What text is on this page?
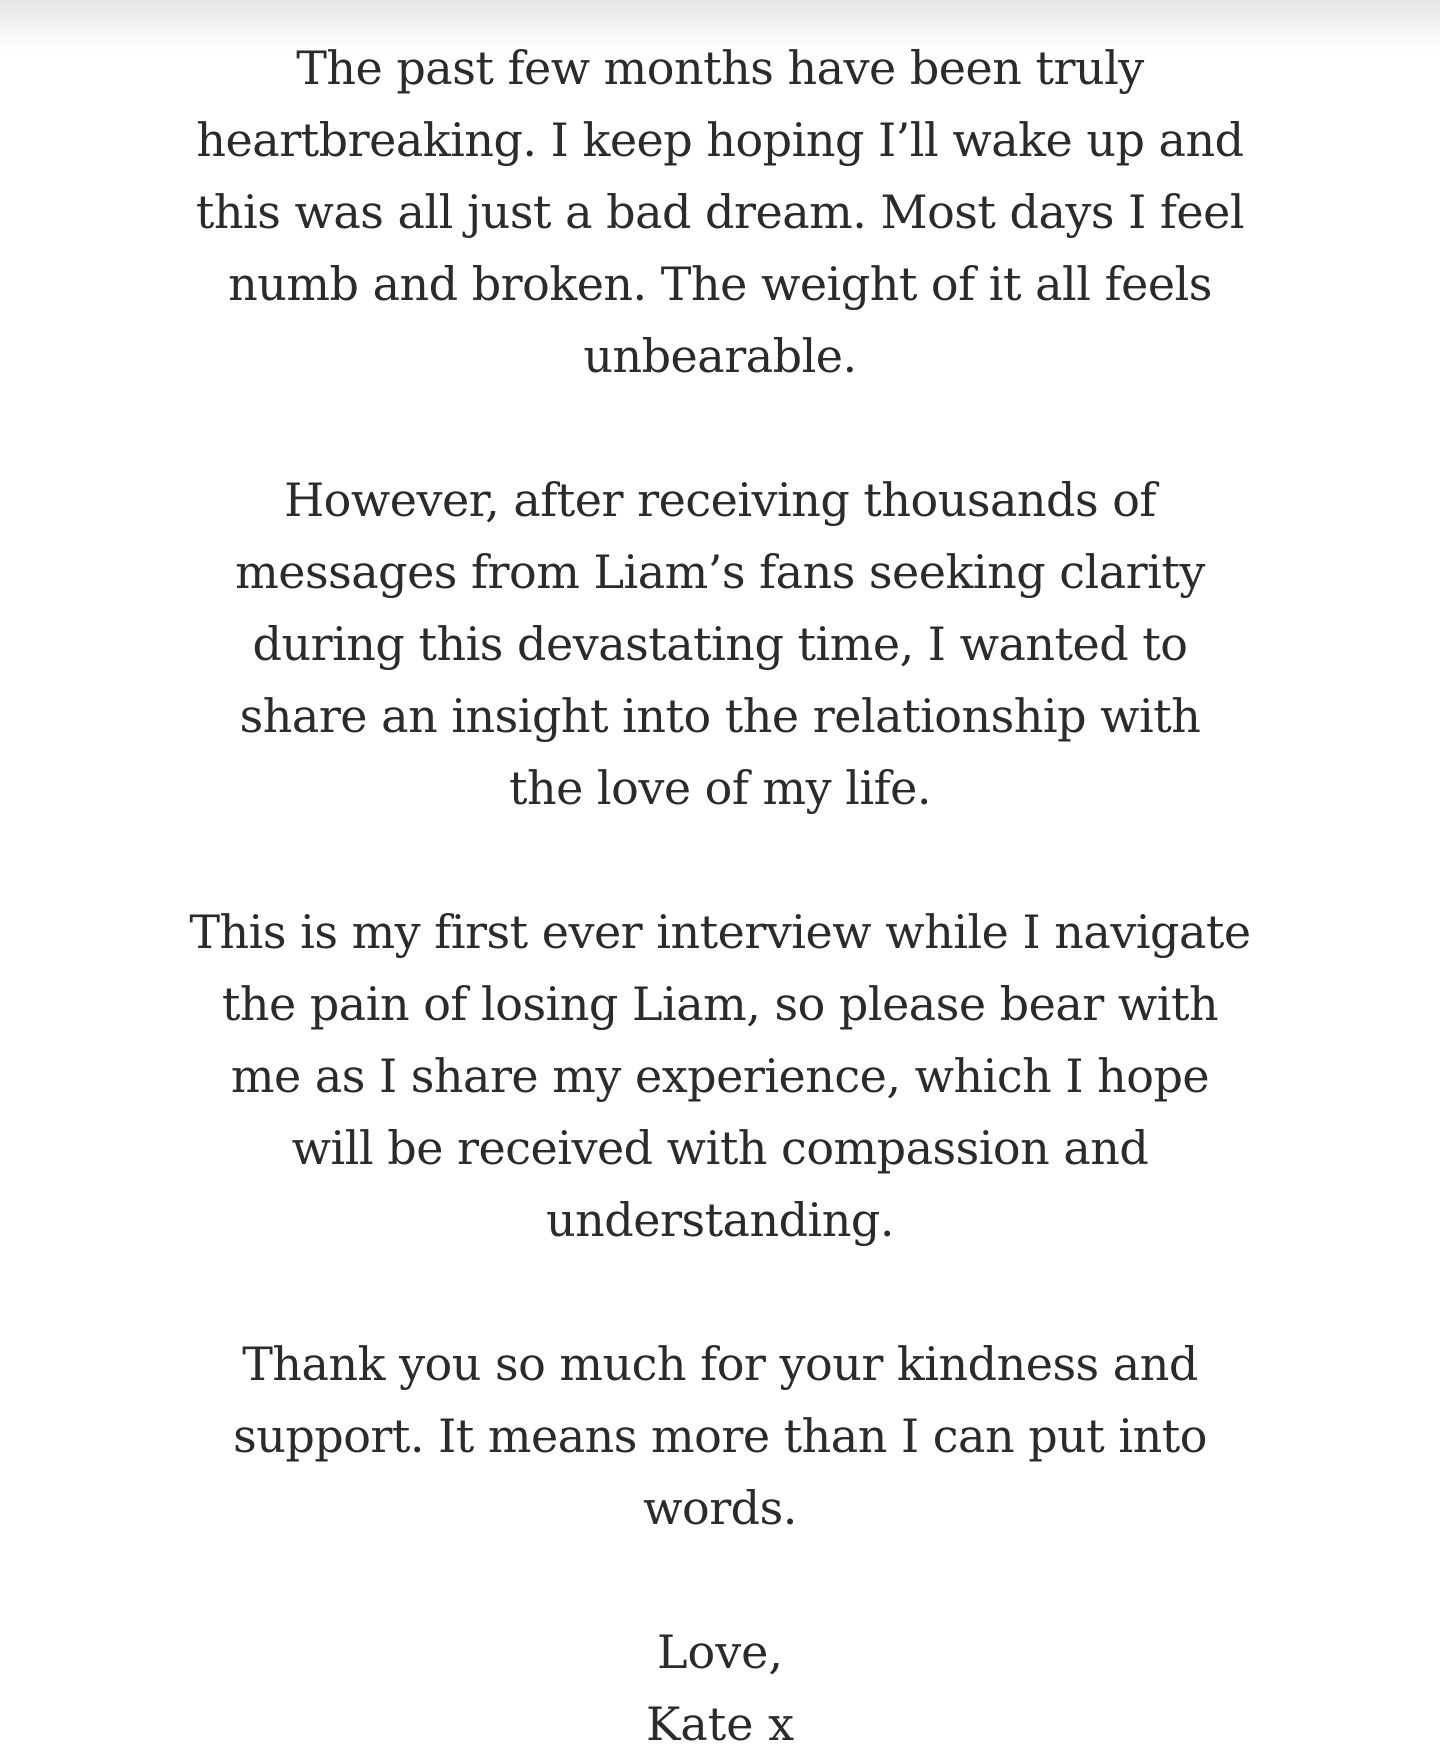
The past few months have been truly
heartbreaking. I keep hoping I’ll wake up and
this was all just a bad dream. Most days I feel
numb and broken. The weight of it all feels
unbearable.

However, after receiving thousands of
messages from Liam’s fans seeking clarity
during this devastating time, I wanted to
share an insight into the relationship with
the love of my life.

This is my first ever interview while I navigate
the pain of losing Liam, so please bear with
me as I share my experience, which I hope
will be received with compassion and
understanding.

Thank you so much for your kindness and
support. It means more than I can put into
words.

Love,
Kate x
